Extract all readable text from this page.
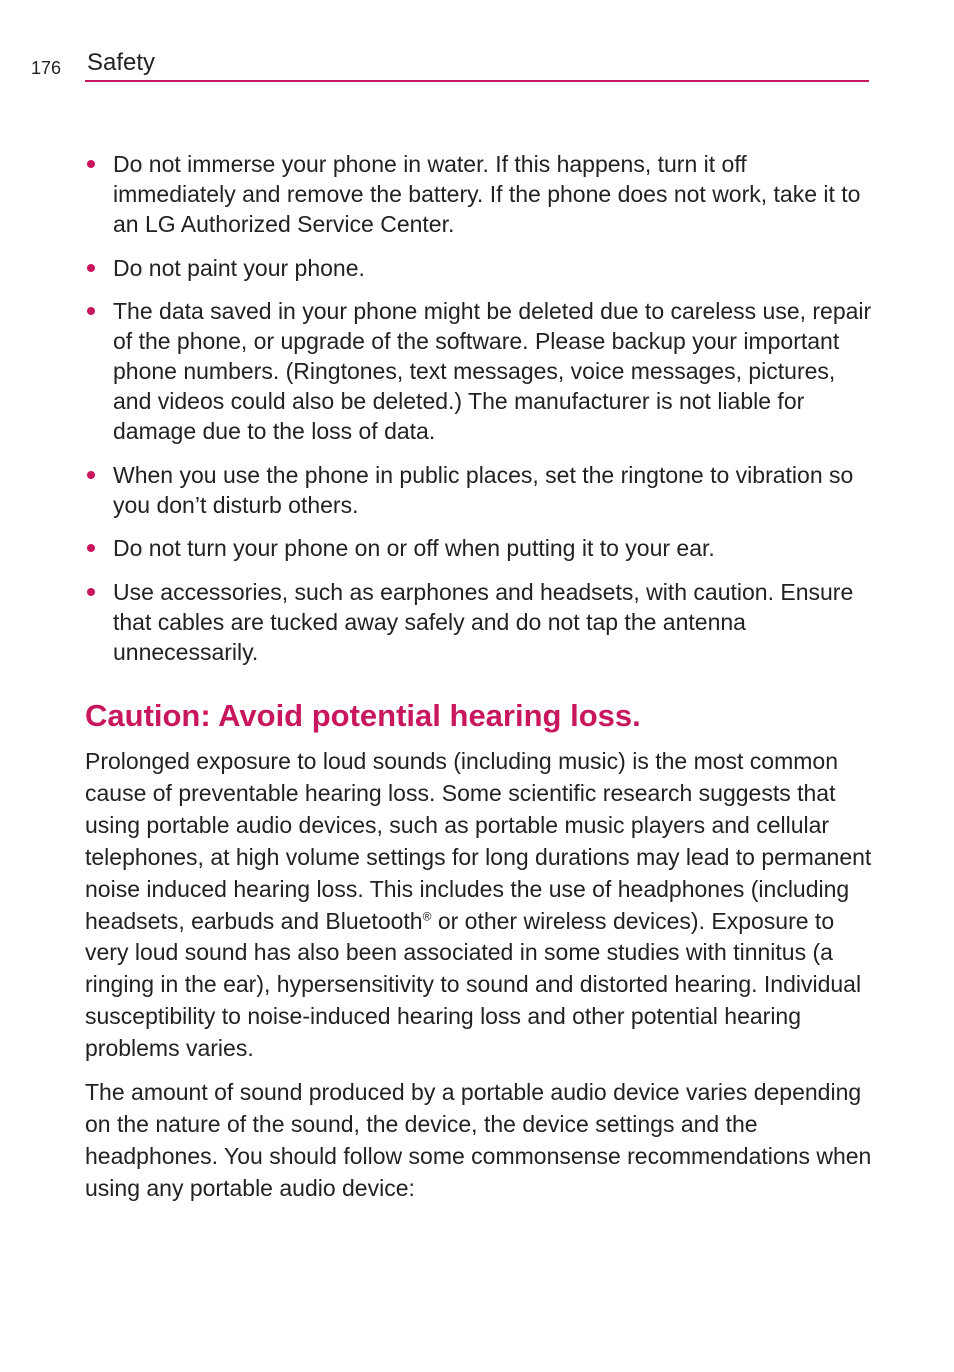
176 Safety
Do not immerse your phone in water. If this happens, turn it off immediately and remove the battery. If the phone does not work, take it to an LG Authorized Service Center.
Do not paint your phone.
The data saved in your phone might be deleted due to careless use, repair of the phone, or upgrade of the software. Please backup your important phone numbers. (Ringtones, text messages, voice messages, pictures, and videos could also be deleted.) The manufacturer is not liable for damage due to the loss of data.
When you use the phone in public places, set the ringtone to vibration so you don’t disturb others.
Do not turn your phone on or off when putting it to your ear.
Use accessories, such as earphones and headsets, with caution. Ensure that cables are tucked away safely and do not tap the antenna unnecessarily.
Caution: Avoid potential hearing loss.

Prolonged exposure to loud sounds (including music) is the most common cause of preventable hearing loss. Some scientific research suggests that using portable audio devices, such as portable music players and cellular telephones, at high volume settings for long durations may lead to permanent noise induced hearing loss. This includes the use of headphones (including headsets, earbuds and Bluetooth® or other wireless devices). Exposure to very loud sound has also been associated in some studies with tinnitus (a ringing in the ear), hypersensitivity to sound and distorted hearing. Individual susceptibility to noise-induced hearing loss and other potential hearing problems varies.

The amount of sound produced by a portable audio device varies depending on the nature of the sound, the device, the device settings and the headphones. You should follow some commonsense recommendations when using any portable audio device:
